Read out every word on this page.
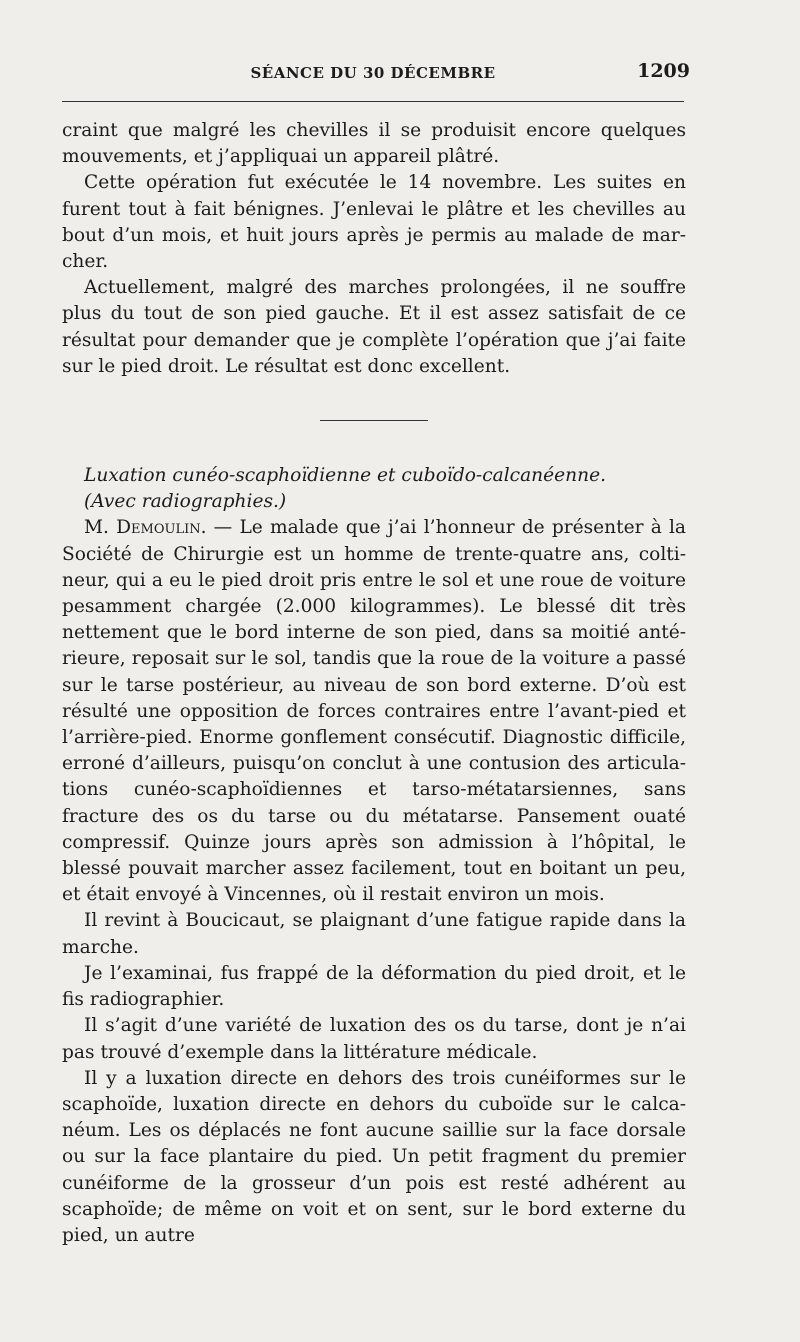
SÉANCE DU 30 DÉCEMBRE	1209

craint que malgré les chevilles il se produisit encore quelques mouvements, et j’appliquai un appareil plâtré.

Cette opération fut exécutée le 14 novembre. Les suites en furent tout à fait bénignes. J’enlevai le plâtre et les chevilles au bout d’un mois, et huit jours après je permis au malade de marcher.

Actuellement, malgré des marches prolongées, il ne souffre plus du tout de son pied gauche. Et il est assez satisfait de ce résultat pour demander que je complète l’opération que j’ai faite sur le pied droit. Le résultat est donc excellent.

Luxation cunéo-scaphoïdienne et cuboïdo-calcanéenne.

(Avec radiographies.)

M. Demoulin. — Le malade que j’ai l’honneur de présenter à la Société de Chirurgie est un homme de trente-quatre ans, coltineur, qui a eu le pied droit pris entre le sol et une roue de voiture pesamment chargée (2.000 kilogrammes). Le blessé dit très nettement que le bord interne de son pied, dans sa moitié antérieure, reposait sur le sol, tandis que la roue de la voiture a passé sur le tarse postérieur, au niveau de son bord externe. D’où est résulté une opposition de forces contraires entre l’avant-pied et l’arrière-pied. Enorme gonflement consécutif. Diagnostic difficile, erroné d’ailleurs, puisqu’on conclut à une contusion des articulations cunéo-scaphoïdiennes et tarso-métatarsiennes, sans fracture des os du tarse ou du métatarse. Pansement ouaté compressif. Quinze jours après son admission à l’hôpital, le blessé pouvait marcher assez facilement, tout en boitant un peu, et était envoyé à Vincennes, où il restait environ un mois.

Il revint à Boucicaut, se plaignant d’une fatigue rapide dans la marche.

Je l’examinai, fus frappé de la déformation du pied droit, et le fis radiographier.

Il s’agit d’une variété de luxation des os du tarse, dont je n’ai pas trouvé d’exemple dans la littérature médicale.

Il y a luxation directe en dehors des trois cunéiformes sur le scaphoïde, luxation directe en dehors du cuboïde sur le calcanéum. Les os déplacés ne font aucune saillie sur la face dorsale ou sur la face plantaire du pied. Un petit fragment du premier cunéiforme de la grosseur d’un pois est resté adhérent au scaphoïde; de même on voit et on sent, sur le bord externe du pied, un autre
